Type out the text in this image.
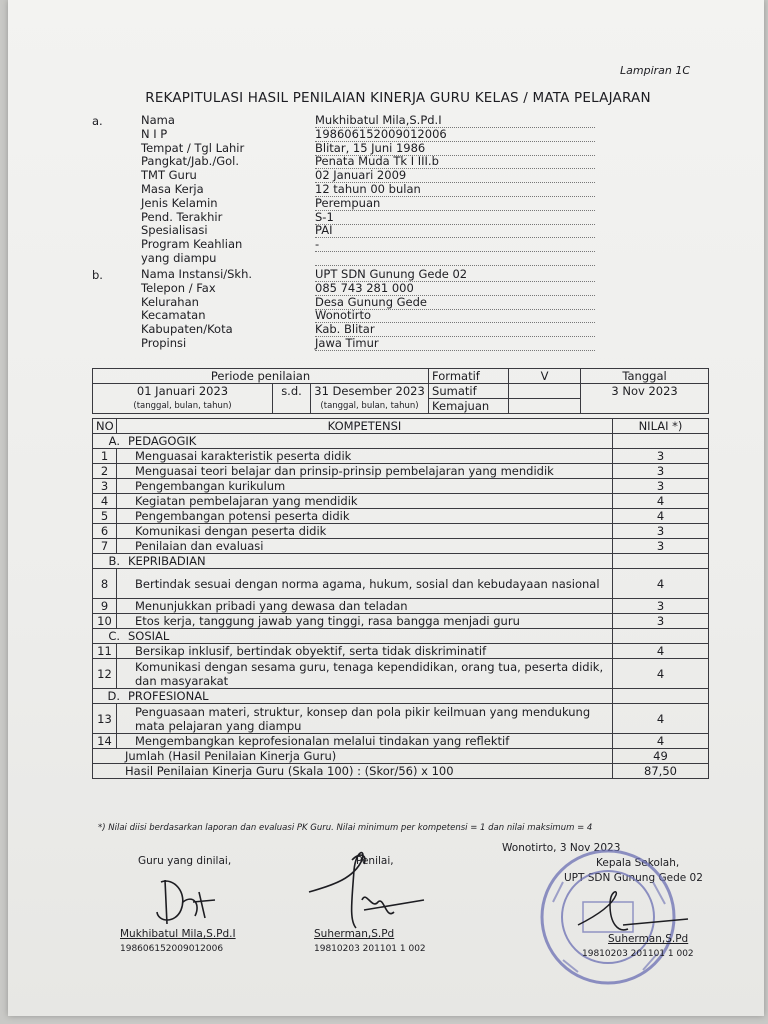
Lampiran 1C
REKAPITULASI HASIL PENILAIAN KINERJA GURU KELAS / MATA PELAJARAN
a.	Nama	Mukhibatul Mila,S.Pd.I
N I P	198606152009012006
Tempat / Tgl Lahir	Blitar, 15 Juni 1986
Pangkat/Jab./Gol.	Penata Muda Tk I III.b
TMT Guru	02 Januari 2009
Masa Kerja	12 tahun 00 bulan
Jenis Kelamin	Perempuan
Pend. Terakhir	S-1
Spesialisasi	PAI
Program Keahlian	-
yang diampu
b.	Nama Instansi/Skh.	UPT SDN Gunung Gede 02
Telepon / Fax	085 743 281 000
Kelurahan	Desa Gunung Gede
Kecamatan	Wonotirto
Kabupaten/Kota	Kab. Blitar
Propinsi	Jawa Timur
Periode penilaian			Formatif	V	Tanggal
01 Januari 2023	s.d.	31 Desember 2023	Sumatif		3 Nov 2023
(tanggal, bulan, tahun)		(tanggal, bulan, tahun)	Kemajuan		
NO	KOMPETENSI	NILAI *)
A. PEDAGOGIK		
1	Menguasai karakteristik peserta didik	3
2	Menguasai teori belajar dan prinsip-prinsip pembelajaran yang mendidik	3
3	Pengembangan kurikulum	3
4	Kegiatan pembelajaran yang mendidik	4
5	Pengembangan potensi peserta didik	4
6	Komunikasi dengan peserta didik	3
7	Penilaian dan evaluasi	3
B. KEPRIBADIAN		
8	Bertindak sesuai dengan norma agama, hukum, sosial dan kebudayaan nasional	4
9	Menunjukkan pribadi yang dewasa dan teladan	3
10	Etos kerja, tanggung jawab yang tinggi, rasa bangga menjadi guru	3
C. SOSIAL		
11	Bersikap inklusif, bertindak obyektif, serta tidak diskriminatif	4
12	Komunikasi dengan sesama guru, tenaga kependidikan, orang tua, peserta didik, dan masyarakat	4
D. PROFESIONAL		
13	Penguasaan materi, struktur, konsep dan pola pikir keilmuan yang mendukung mata pelajaran yang diampu	4
14	Mengembangkan keprofesionalan melalui tindakan yang reflektif	4
Jumlah (Hasil Penilaian Kinerja Guru)		49
Hasil Penilaian Kinerja Guru (Skala 100) : (Skor/56) x 100		87,50
*) Nilai diisi berdasarkan laporan dan evaluasi PK Guru. Nilai minimum per kompetensi = 1 dan nilai maksimum = 4
Wonotirto, 3 Nov 2023
Guru yang dinilai,
Mukhibatul Mila,S.Pd.I
198606152009012006
Penilai,
Suherman,S.Pd
19810203 201101 1 002
Kepala Sekolah,
UPT SDN Gunung Gede 02
Suherman,S.Pd
19810203 201101 1 002
